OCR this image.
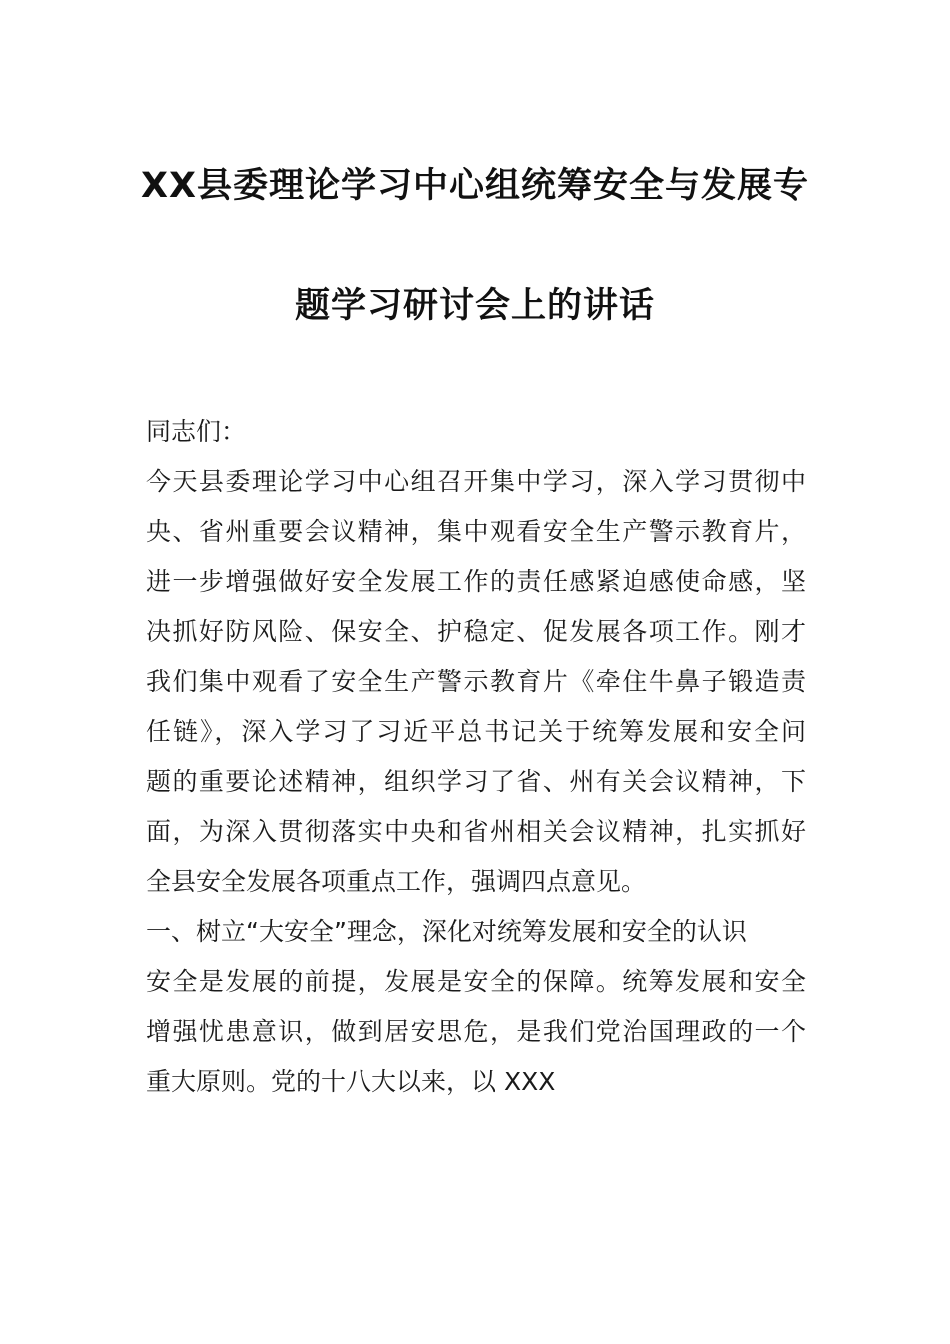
XX县委理论学习中心组统筹安全与发展专
题学习研讨会上的讲话
同志们：
今天县委理论学习中心组召开集中学习，深入学习贯彻中
央、省州重要会议精神，集中观看安全生产警示教育片，
进一步增强做好安全发展工作的责任感紧迫感使命感，坚
决抓好防风险、保安全、护稳定、促发展各项工作。刚才
我们集中观看了安全生产警示教育片《牵住牛鼻子锻造责
任链》，深入学习了习近平总书记关于统筹发展和安全问
题的重要论述精神，组织学习了省、州有关会议精神，下
面，为深入贯彻落实中央和省州相关会议精神，扎实抓好
全县安全发展各项重点工作，强调四点意见。
一、树立“大安全”理念，深化对统筹发展和安全的认识
安全是发展的前提，发展是安全的保障。统筹发展和安全
增强忧患意识，做到居安思危，是我们党治国理政的一个
重大原则。党的十八大以来，以 XXX
